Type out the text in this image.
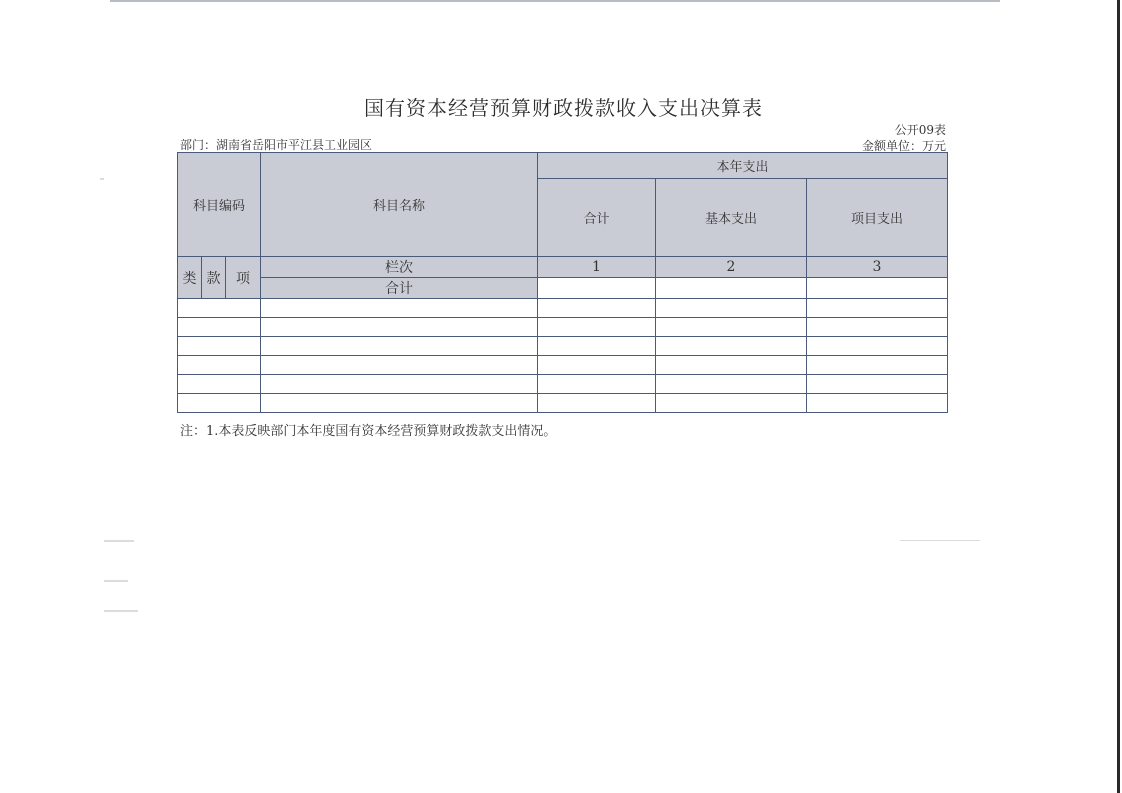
国有资本经营预算财政拨款收入支出决算表
公开09表
金额单位：万元
部门：湖南省岳阳市平江县工业园区
科目编码			科目名称	本年支出		
				合计	基本支出	项目支出
类	款	项	栏次	1	2	3
			合计			

注：1.本表反映部门本年度国有资本经营预算财政拨款支出情况。
